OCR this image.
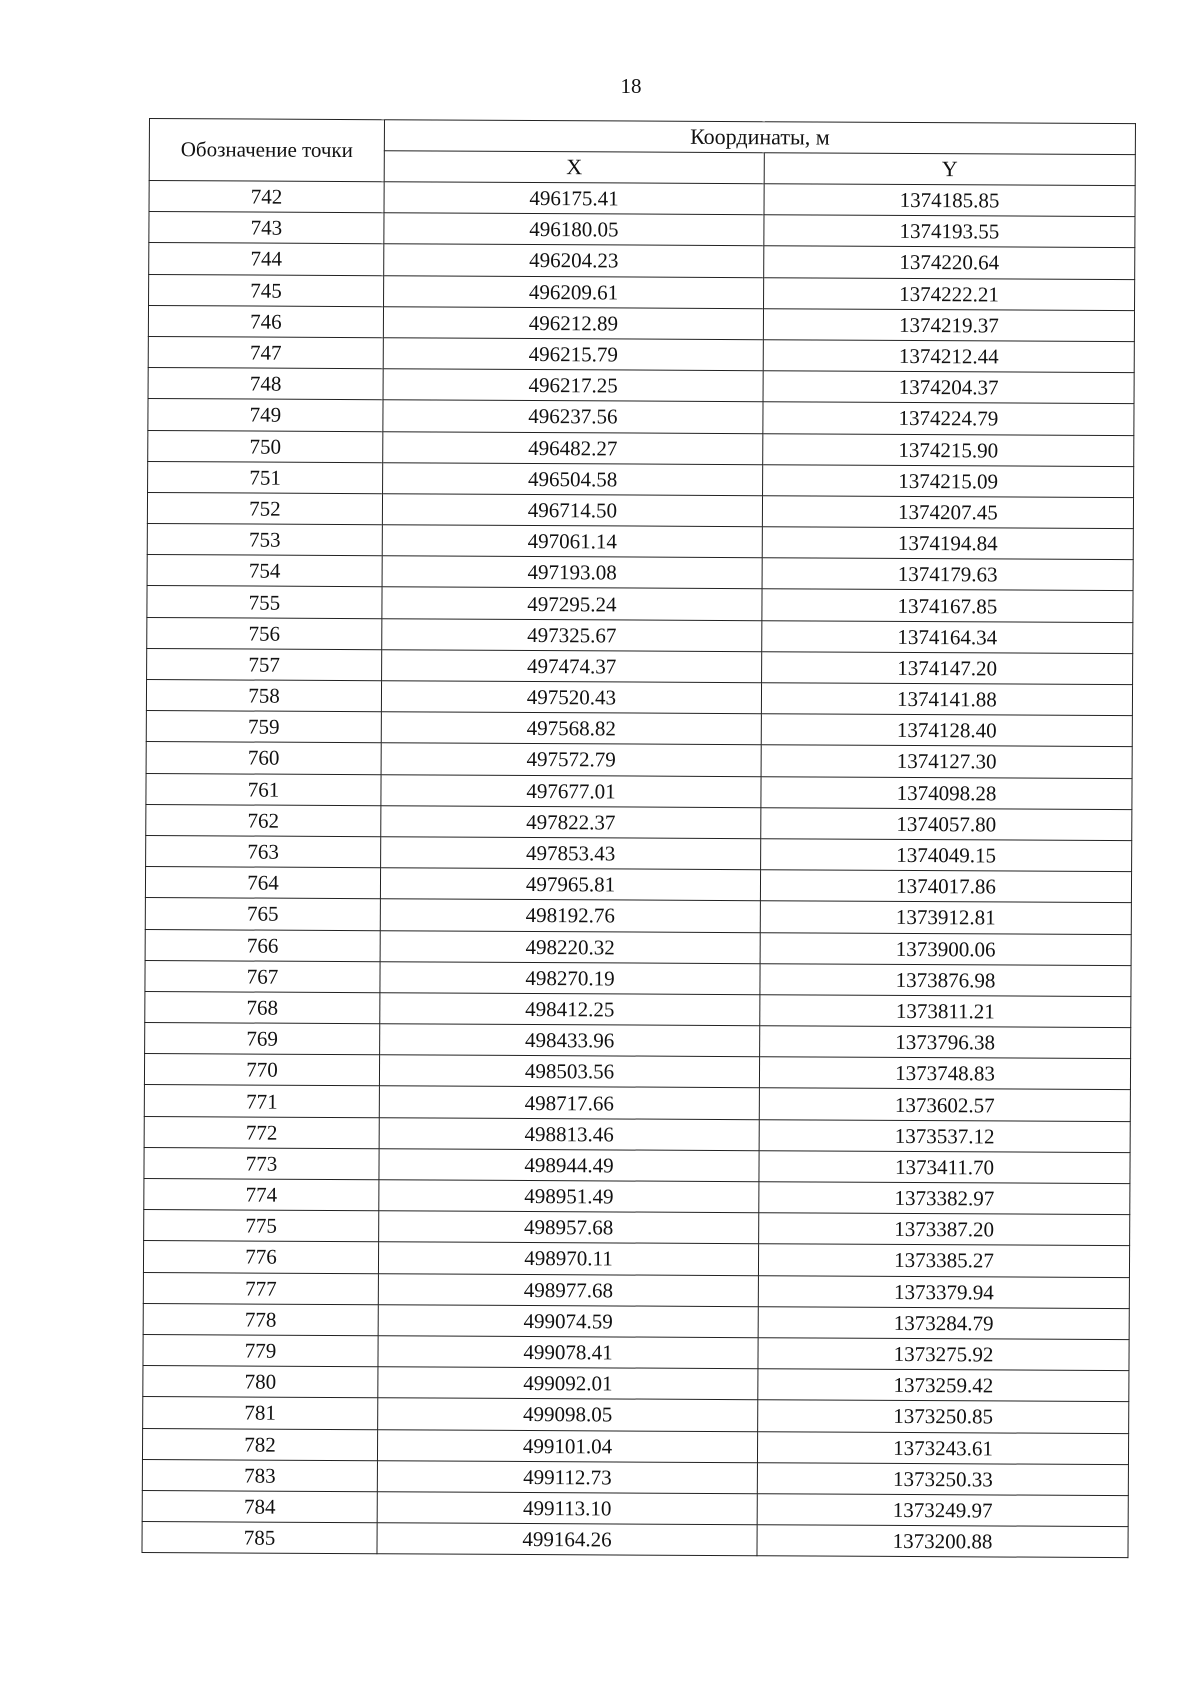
18
Обозначение точки	Координаты, м	
	X	Y
742	496175.41	1374185.85
743	496180.05	1374193.55
744	496204.23	1374220.64
745	496209.61	1374222.21
746	496212.89	1374219.37
747	496215.79	1374212.44
748	496217.25	1374204.37
749	496237.56	1374224.79
750	496482.27	1374215.90
751	496504.58	1374215.09
752	496714.50	1374207.45
753	497061.14	1374194.84
754	497193.08	1374179.63
755	497295.24	1374167.85
756	497325.67	1374164.34
757	497474.37	1374147.20
758	497520.43	1374141.88
759	497568.82	1374128.40
760	497572.79	1374127.30
761	497677.01	1374098.28
762	497822.37	1374057.80
763	497853.43	1374049.15
764	497965.81	1374017.86
765	498192.76	1373912.81
766	498220.32	1373900.06
767	498270.19	1373876.98
768	498412.25	1373811.21
769	498433.96	1373796.38
770	498503.56	1373748.83
771	498717.66	1373602.57
772	498813.46	1373537.12
773	498944.49	1373411.70
774	498951.49	1373382.97
775	498957.68	1373387.20
776	498970.11	1373385.27
777	498977.68	1373379.94
778	499074.59	1373284.79
779	499078.41	1373275.92
780	499092.01	1373259.42
781	499098.05	1373250.85
782	499101.04	1373243.61
783	499112.73	1373250.33
784	499113.10	1373249.97
785	499164.26	1373200.88
